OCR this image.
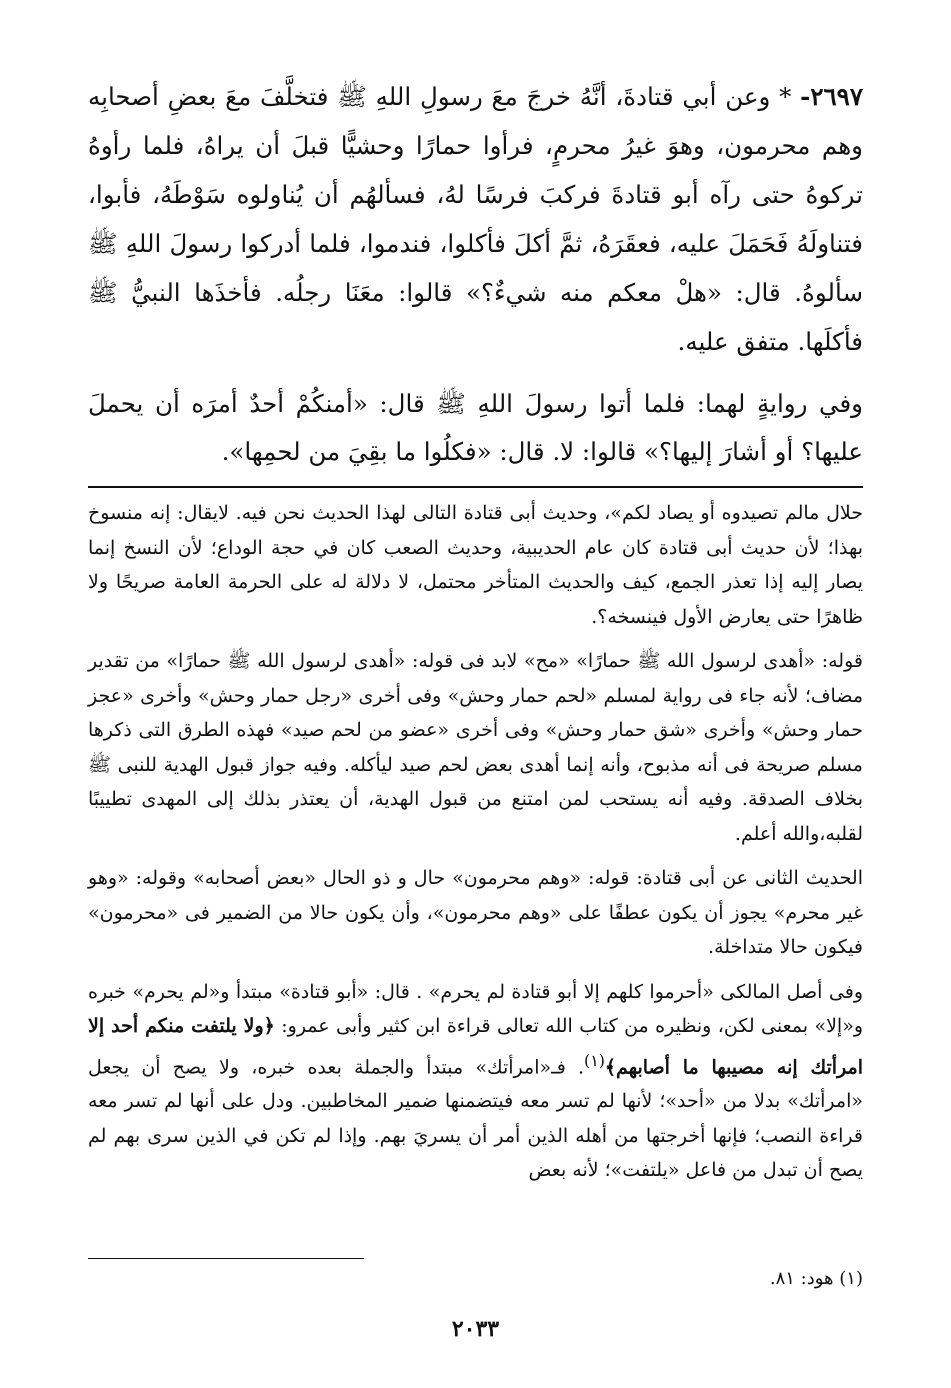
٢٦٩٧- * وعن أبي قتادةَ، أنَّهُ خرجَ معَ رسولِ اللهِ ﷺ فتخلَّفَ معَ بعضِ أصحابِه وهم محرمون، وهوَ غيرُ محرمٍ، فرأوا حمارًا وحشيًّا قبلَ أن يراهُ، فلما رأوهُ تركوهُ حتى رآه أبو قتادةَ فركبَ فرسًا لهُ، فسألهُم أن يُناولوه سَوْطَهُ، فأبوا، فتناولَهُ فَحَمَلَ عليه، فعقَرَهُ، ثمَّ أكلَ فأكلوا، فندموا، فلما أدركوا رسولَ اللهِ ﷺ سألوهُ. قال: «هلْ معكم منه شيءٌ؟» قالوا: معَنَا رجلُه. فأخذَها النبيُّ ﷺ فأكلَها. متفق عليه.

وفي روايةٍ لهما: فلما أتوا رسولَ اللهِ ﷺ قال: «أمنكُمْ أحدٌ أمرَه أن يحملَ عليها؟ أو أشارَ إليها؟» قالوا: لا. قال: «فكلُوا ما بقِيَ من لحمِها».

حلال مالم تصيدوه أو يصاد لكم»، وحديث أبى قتادة التالى لهذا الحديث نحن فيه. لايقال: إنه منسوخ بهذا؛ لأن حديث أبى قتادة كان عام الحديبية، وحديث الصعب كان في حجة الوداع؛ لأن النسخ إنما يصار إليه إذا تعذر الجمع، كيف والحديث المتأخر محتمل، لا دلالة له على الحرمة العامة صريحًا ولا ظاهرًا حتى يعارض الأول فينسخه؟.

قوله: «أهدى لرسول الله ﷺ حمارًا» «مح» لابد فى قوله: «أهدى لرسول الله ﷺ حمارًا» من تقدير مضاف؛ لأنه جاء فى رواية لمسلم «لحم حمار وحش» وفى أخرى «رجل حمار وحش» وأخرى «عجز حمار وحش» وأخرى «شق حمار وحش» وفى أخرى «عضو من لحم صيد» فهذه الطرق التى ذكرها مسلم صريحة فى أنه مذبوح، وأنه إنما أهدى بعض لحم صيد ليأكله. وفيه جواز قبول الهدية للنبى ﷺ بخلاف الصدقة. وفيه أنه يستحب لمن امتنع من قبول الهدية، أن يعتذر بذلك إلى المهدى تطييبًا لقلبه،والله أعلم.

الحديث الثانى عن أبى قتادة: قوله: «وهم محرمون» حال و ذو الحال «بعض أصحابه» وقوله: «وهو غير محرم» يجوز أن يكون عطفًا على «وهم محرمون»، وأن يكون حالا من الضمير فى «محرمون» فيكون حالا متداخلة.

وفى أصل المالكى «أحرموا كلهم إلا أبو قتادة لم يحرم» . قال: «أبو قتادة» مبتدأ و«لم يحرم» خبره و«إلا» بمعنى لكن، ونظيره من كتاب الله تعالى قراءة ابن كثير وأبى عمرو: ﴿ولا يلتفت منكم أحد إلا امرأتك إنه مصيبها ما أصابهم﴾$^{(١)}$. فـ«امرأتك» مبتدأ والجملة بعده خبره، ولا يصح أن يجعل «امرأتك» بدلا من «أحد»؛ لأنها لم تسر معه فيتضمنها ضمير المخاطبين. ودل على أنها لم تسر معه قراءة النصب؛ فإنها أخرجتها من أهله الذين أمر أن يسريَ بهم. وإذا لم تكن في الذين سرى بهم لم يصح أن تبدل من فاعل «يلتفت»؛ لأنه بعض

(١) هود: ٨١.

٢٠٣٣
